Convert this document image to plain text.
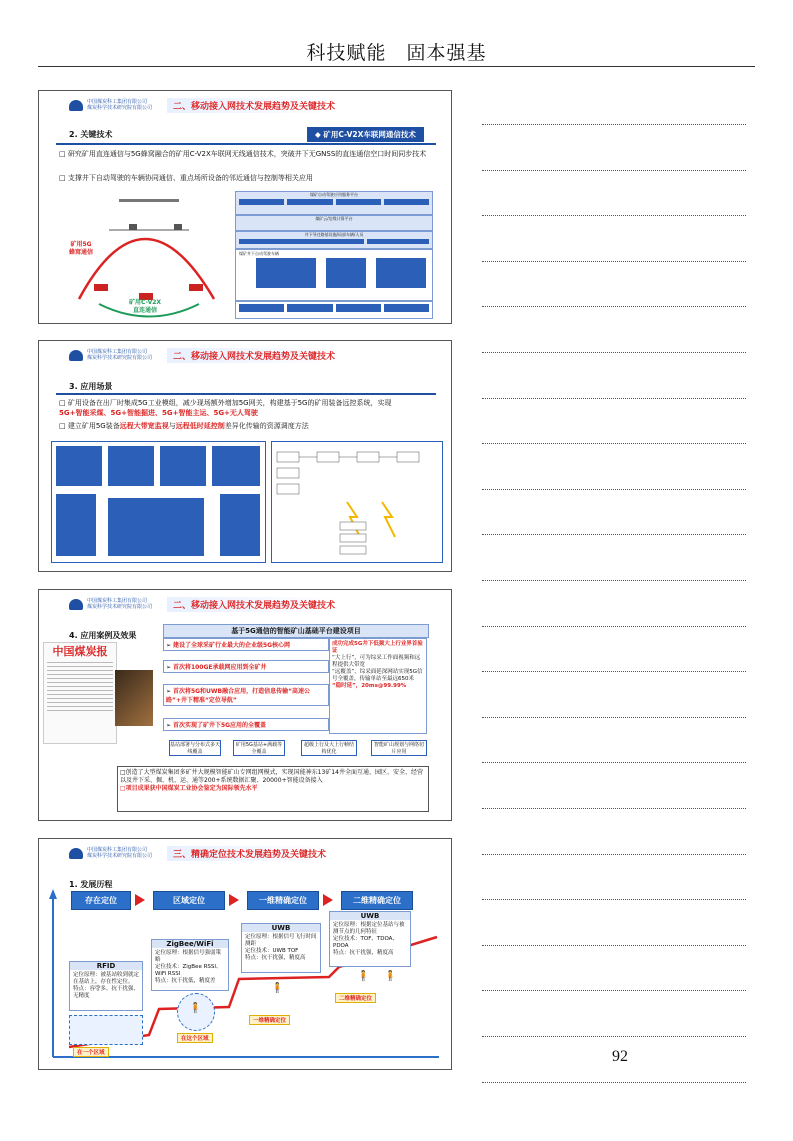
科技赋能　固本强基
中国煤炭科工集团有限公司
煤炭科学技术研究院有限公司	二、移动接入网技术发展趋势及关键技术
2. 关键技术	◆ 矿用C-V2X车联网通信技术
□ 研究矿用直连通信与5G蜂窝融合的矿用C-V2X车联网无线通信技术，突破井下无GNSS的直连通信空口时间同步技术
□ 支撑井下自动驾驶的车辆协同通信、重点场所设备的邻近通信与控制等相关应用
矿用5G
蜂窝通信
矿用C-V2X
直连通信
煤矿自动驾驶应用服务平台
煤矿云/边缘计算平台
井下导迁路基设施/局部车辆/人员
煤矿井下自动驾驶车辆
中国煤炭科工集团有限公司
煤炭科学技术研究院有限公司	二、移动接入网技术发展趋势及关键技术
3. 应用场景
□ 矿用设备在出厂时集成5G工业模组，减少现场额外增加5G网关，构建基于5G的矿用装备远控系统，实现
5G+智能采煤、5G+智能掘进、5G+智能主运、5G+无人驾驶
□ 建立矿用5G装备远程大带宽监视与远程低时延控制差异化传输的资源调度方法
中国煤炭科工集团有限公司
煤炭科学技术研究院有限公司	二、移动接入网技术发展趋势及关键技术
4. 应用案例及效果
中国煤炭报
基于5G通信的智能矿山基础平台建设项目
➢ 建设了全球采矿行业最大的企业级5G核心网
➢ 首次将100GE承载网应用到全矿井
➢ 首次将5G和UWB融合应用，打造信息传输“高速公路”+井下精准“定位导航”
➢ 首次实现了矿井下5G应用的全覆盖
成功完成5G井下低频大上行业界首验证
“大上行”，可为综采工作面视频和远程提供大带宽
“远覆盖”，综采面延深网站实现5G信号全覆盖，传输单站至最远650米
“稳时延”，20ms@99.99%
基站部署与分布式多天线覆盖
矿用5G基站+满载等全覆盖
超级上行及大上行帧结构优化
智能矿山规划与网络切片应用
□创造了大型煤炭集团多矿井大规模智能矿山专网组网模式，实现国能神东13矿14井全面互通、园区、安全、经营以及井下采、掘、机、运、通等200+系统数据汇聚、20000+智能设备接入
□项目成果获中国煤炭工业协会鉴定为国际领先水平
中国煤炭科工集团有限公司
煤炭科学技术研究院有限公司	三、精确定位技术发展趋势及关键技术
1. 发展历程
存在定位	区域定位	一维精确定位	二维精确定位
RFID
定位原理：被基站收到就定在基站上，存在性定位。
特点：容량多、抗干扰强、无精度
ZigBee/WiFi
定位原理：根据信号强弱策略
定位技术：ZigBee RSSI、WiFi RSSI
特点：抗干扰低，精度差
UWB
定位原理：根据信号飞行时间测距
定位技术：UWB TOF
特点：抗干扰强，精度高
UWB
定位原理：根据定位基站与被测节点的几何特征
定位技术：TOF、TDOA、PDOA
特点：抗干扰强，精度高
🧍
🧍
🧍 🧍
在一个区域
在这个区域
一维精确定位
二维精确定位
92
